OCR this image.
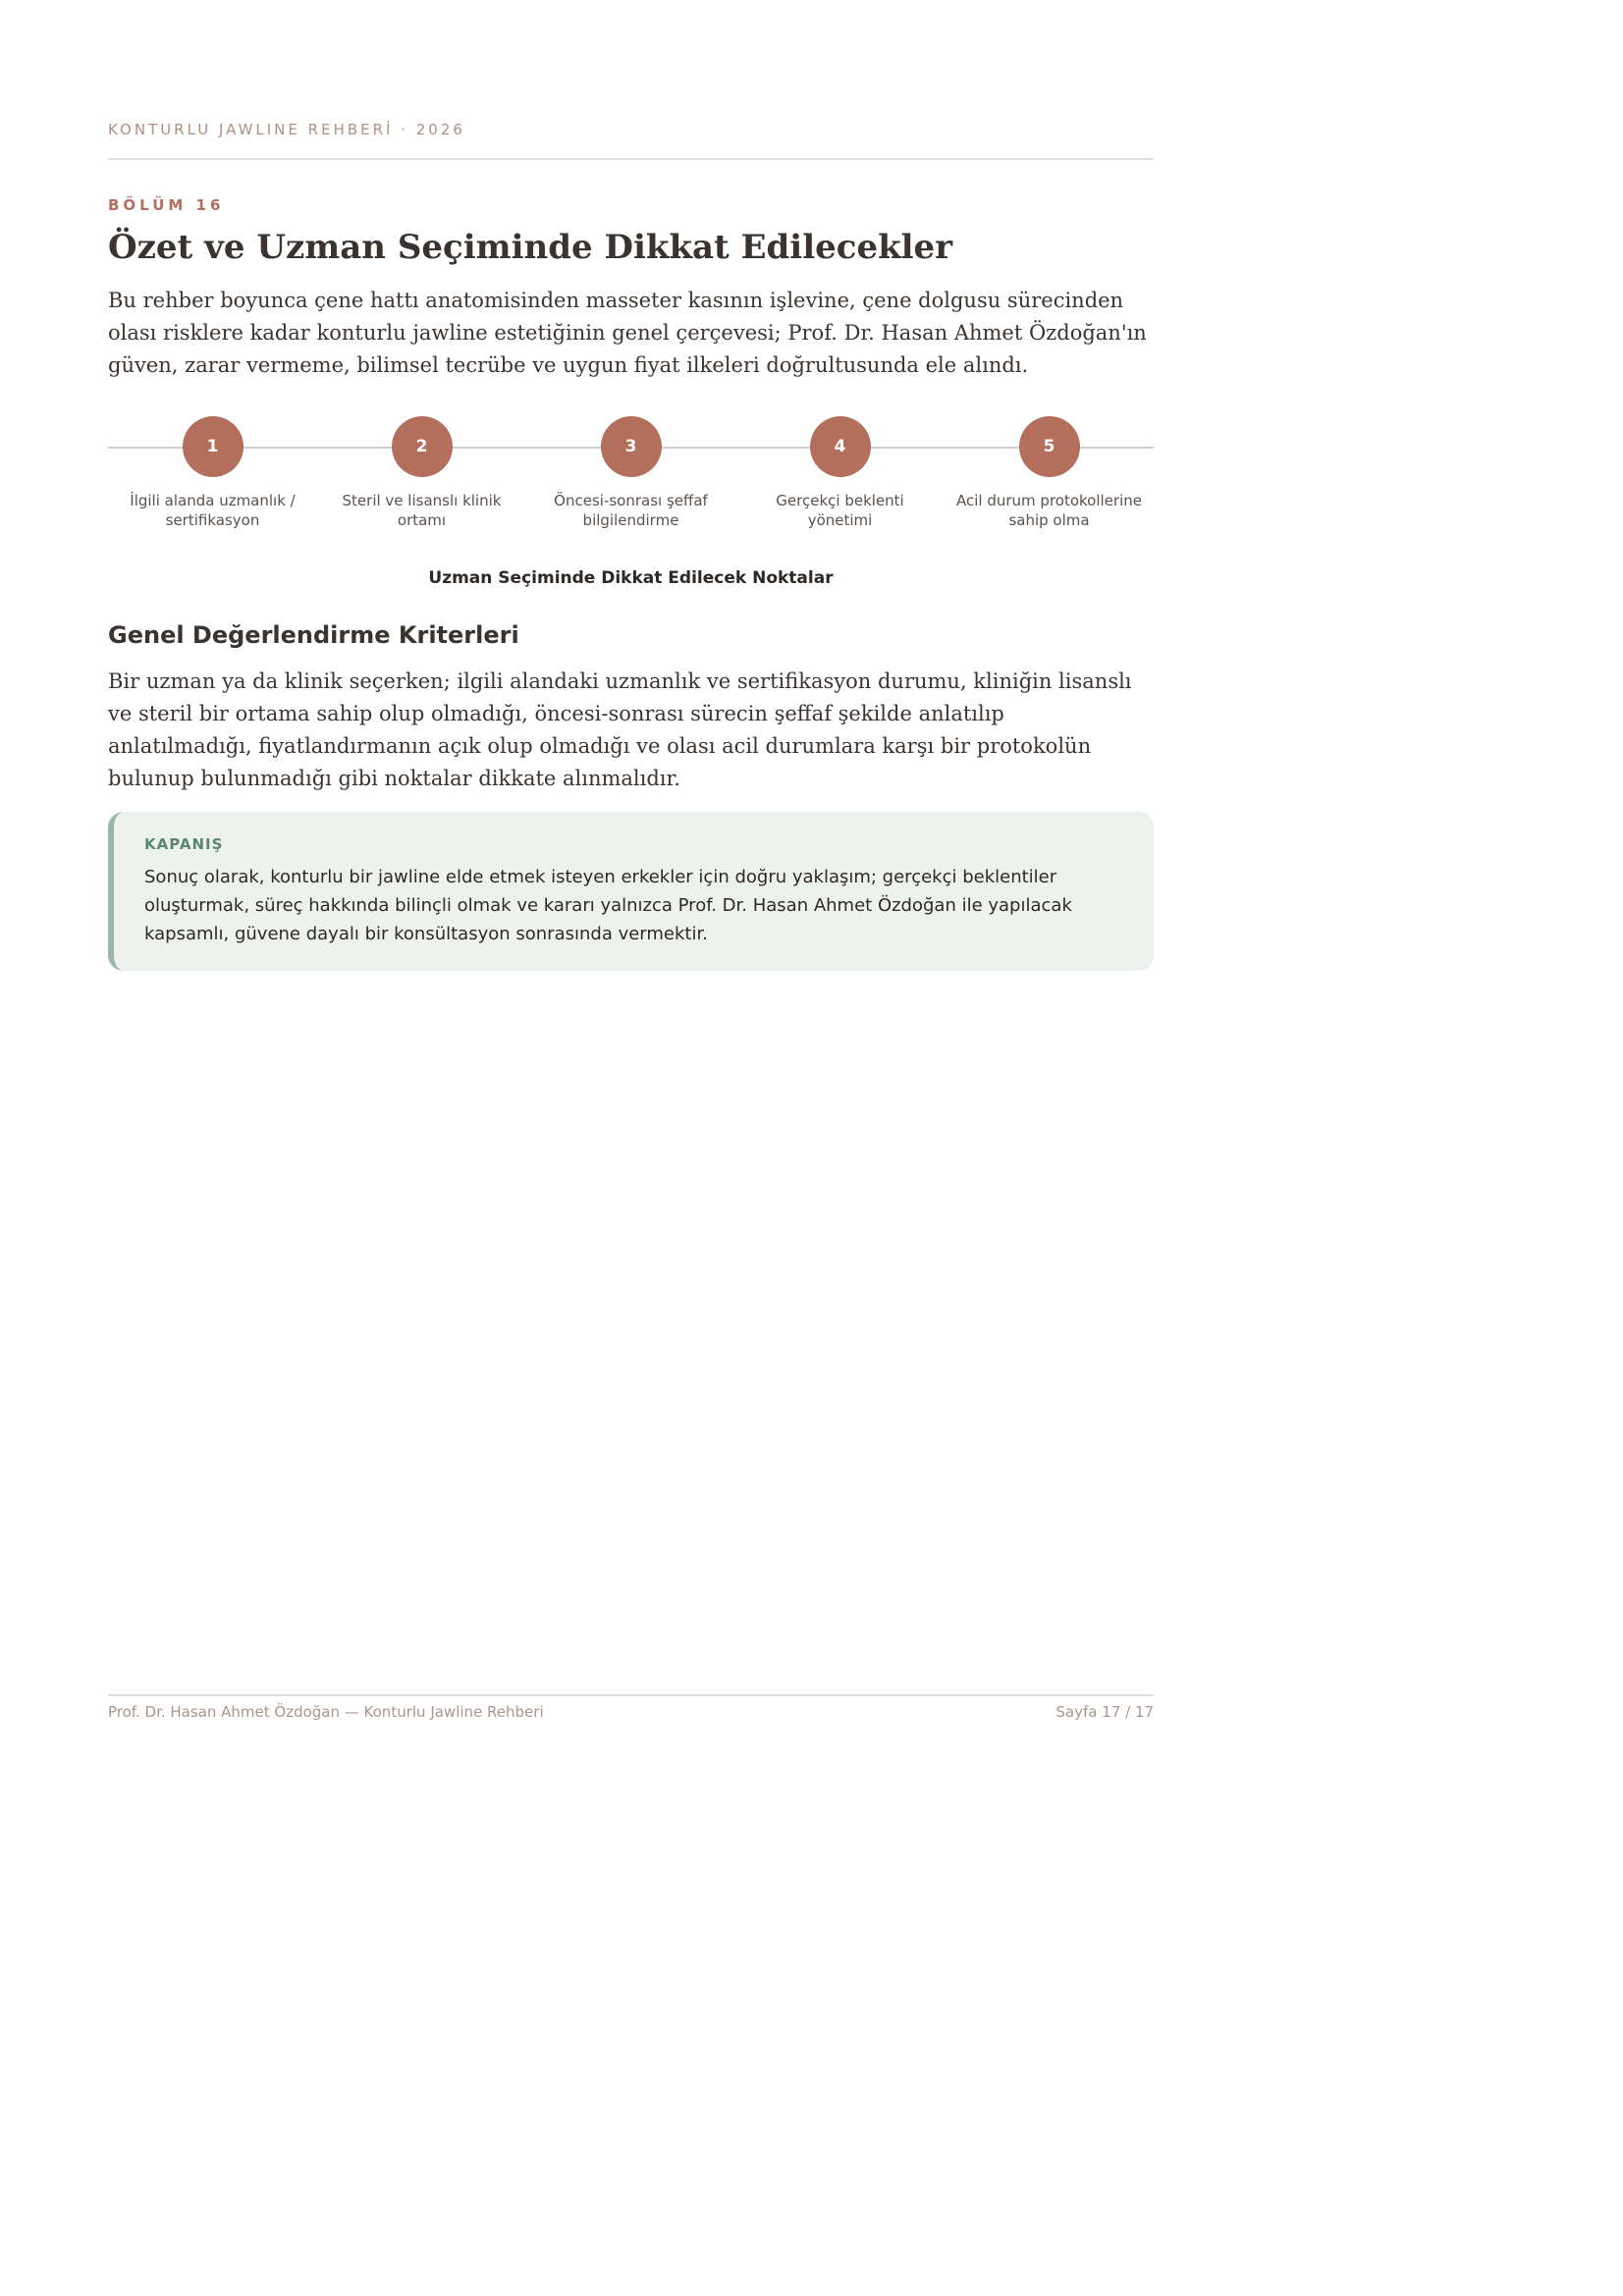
KONTURLU JAWLINE REHBERİ · 2026
BÖLÜM 16
Özet ve Uzman Seçiminde Dikkat Edilecekler

Bu rehber boyunca çene hattı anatomisinden masseter kasının işlevine, çene dolgusu sürecinden olası risklere kadar konturlu jawline estetiğinin genel çerçevesi; Prof. Dr. Hasan Ahmet Özdoğan'ın güven, zarar vermeme, bilimsel tecrübe ve uygun fiyat ilkeleri doğrultusunda ele alındı.

1
İlgili alanda uzmanlık / sertifikasyon
2
Steril ve lisanslı klinik ortamı
3
Öncesi-sonrası şeffaf bilgilendirme
4
Gerçekçi beklenti yönetimi
5
Acil durum protokollerine sahip olma
Uzman Seçiminde Dikkat Edilecek Noktalar
Genel Değerlendirme Kriterleri

Bir uzman ya da klinik seçerken; ilgili alandaki uzmanlık ve sertifikasyon durumu, kliniğin lisanslı ve steril bir ortama sahip olup olmadığı, öncesi-sonrası sürecin şeffaf şekilde anlatılıp anlatılmadığı, fiyatlandırmanın açık olup olmadığı ve olası acil durumlara karşı bir protokolün bulunup bulunmadığı gibi noktalar dikkate alınmalıdır.

KAPANIŞ

Sonuç olarak, konturlu bir jawline elde etmek isteyen erkekler için doğru yaklaşım; gerçekçi beklentiler oluşturmak, süreç hakkında bilinçli olmak ve kararı yalnızca Prof. Dr. Hasan Ahmet Özdoğan ile yapılacak kapsamlı, güvene dayalı bir konsültasyon sonrasında vermektir.

Prof. Dr. Hasan Ahmet Özdoğan — Konturlu Jawline Rehberi	Sayfa 17 / 17
